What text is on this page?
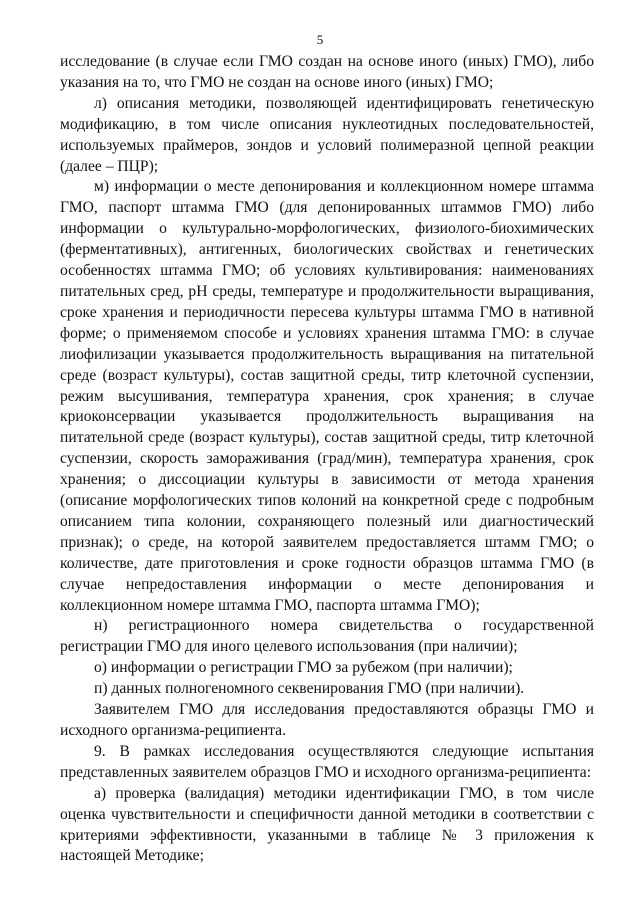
5

исследование (в случае если ГМО создан на основе иного (иных) ГМО), либо указания на то, что ГМО не создан на основе иного (иных) ГМО;

л) описания методики, позволяющей идентифицировать генетическую модификацию, в том числе описания нуклеотидных последовательностей, используемых праймеров, зондов и условий полимеразной цепной реакции (далее – ПЦР);

м) информации о месте депонирования и коллекционном номере штамма ГМО, паспорт штамма ГМО (для депонированных штаммов ГМО) либо информации о культурально-морфологических, физиолого-биохимических (ферментативных), антигенных, биологических свойствах и генетических особенностях штамма ГМО; об условиях культивирования: наименованиях питательных сред, pH среды, температуре и продолжительности выращивания, сроке хранения и периодичности пересева культуры штамма ГМО в нативной форме; о применяемом способе и условиях хранения штамма ГМО: в случае лиофилизации указывается продолжительность выращивания на питательной среде (возраст культуры), состав защитной среды, титр клеточной суспензии, режим высушивания, температура хранения, срок хранения; в случае криоконсервации указывается продолжительность выращивания на питательной среде (возраст культуры), состав защитной среды, титр клеточной суспензии, скорость замораживания (град/мин), температура хранения, срок хранения; о диссоциации культуры в зависимости от метода хранения (описание морфологических типов колоний на конкретной среде с подробным описанием типа колонии, сохраняющего полезный или диагностический признак); о среде, на которой заявителем предоставляется штамм ГМО; о количестве, дате приготовления и сроке годности образцов штамма ГМО (в случае непредоставления информации о месте депонирования и коллекционном номере штамма ГМО, паспорта штамма ГМО);

н) регистрационного номера свидетельства о государственной регистрации ГМО для иного целевого использования (при наличии);

о) информации о регистрации ГМО за рубежом (при наличии);

п) данных полногеномного секвенирования ГМО (при наличии).

Заявителем ГМО для исследования предоставляются образцы ГМО и исходного организма-реципиента.

9. В рамках исследования осуществляются следующие испытания представленных заявителем образцов ГМО и исходного организма-реципиента:

а) проверка (валидация) методики идентификации ГМО, в том числе оценка чувствительности и специфичности данной методики в соответствии с критериями эффективности, указанными в таблице № 3 приложения к настоящей Методике;
